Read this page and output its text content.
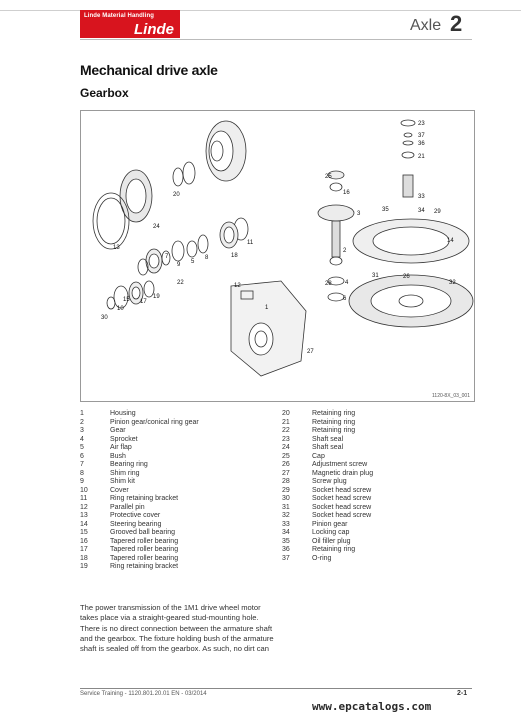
Linde Material Handling
Linde	Axle 2
Mechanical drive axle
Gearbox
1
2
3
4
5
6
7	8
9
10
11
12
13
14
15
16
17
18
19
20
21
22
23
24
25
26
27
28
29
30
31
32
33
34
35
36
37
1120-8X_03_001
1	Housing
2	Pinion gear/conical ring gear
3	Gear
4	Sprocket
5	Air flap
6	Bush
7	Bearing ring
8	Shim ring
9	Shim kit
10	Cover
11	Ring retaining bracket
12	Parallel pin
13	Protective cover
14	Steering bearing
15	Grooved ball bearing
16	Tapered roller bearing
17	Tapered roller bearing
18	Tapered roller bearing
19	Ring retaining bracket
20	Retaining ring
21	Retaining ring
22	Retaining ring
23	Shaft seal
24	Shaft seal
25	Cap
26	Adjustment screw
27	Magnetic drain plug
28	Screw plug
29	Socket head screw
30	Socket head screw
31	Socket head screw
32	Socket head screw
33	Pinion gear
34	Locking cap
35	Oil filler plug
36	Retaining ring
37	O-ring
The power transmission of the 1M1 drive wheel motor takes place via a straight-geared stud-mounting hole. There is no direct connection between the armature shaft and the gearbox. The fixture holding bush of the armature shaft is sealed off from the gearbox. As such, no dirt can
Service Training - 1120.801.20.01 EN - 03/2014	2-1
www.epcatalogs.com
